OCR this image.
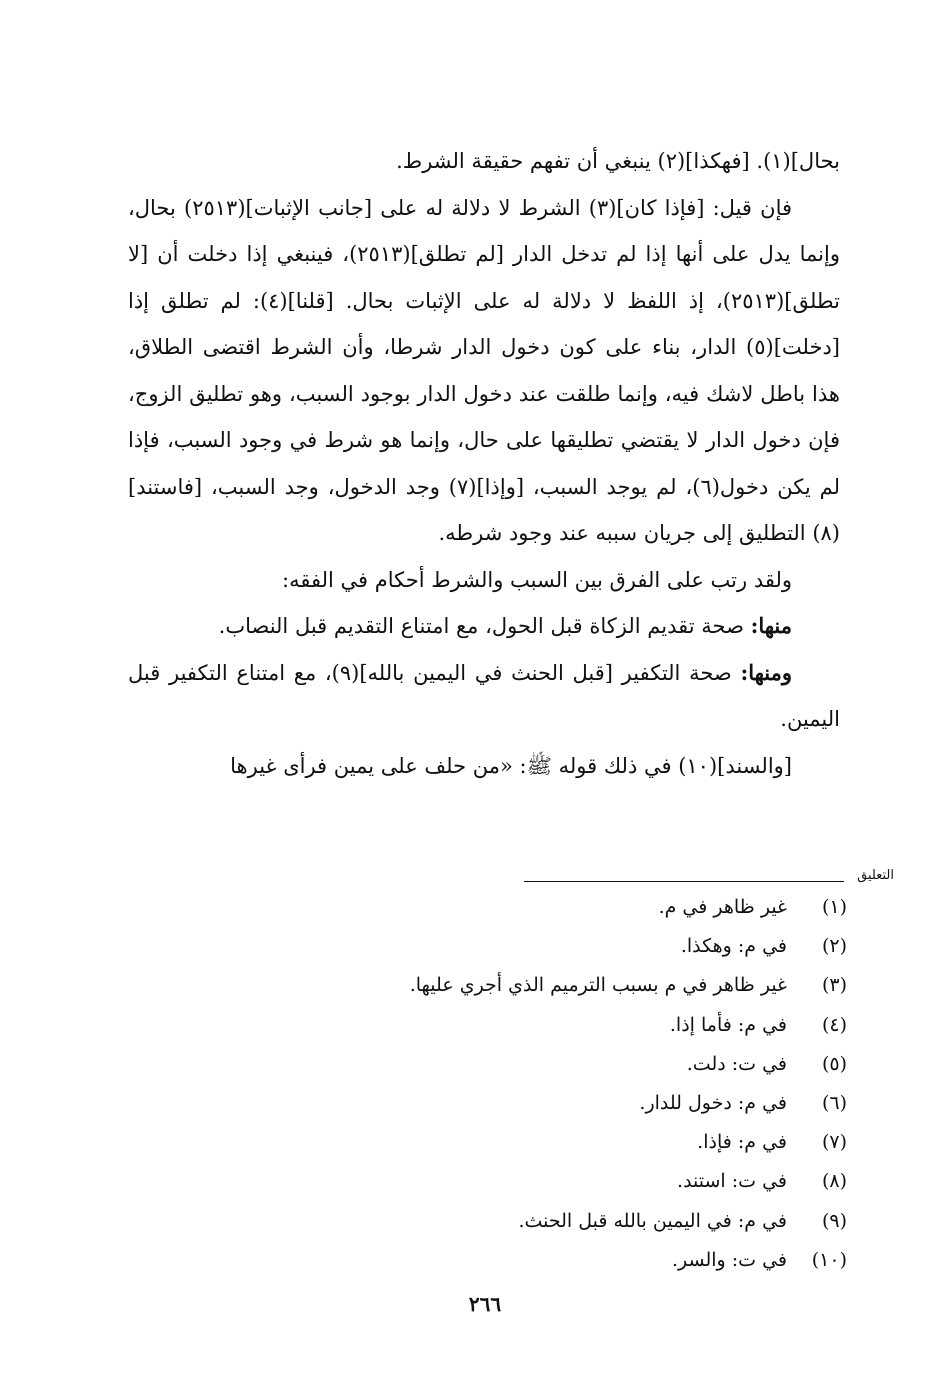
بحال](١). [فهكذا](٢) ينبغي أن تفهم حقيقة الشرط.

فإن قيل: [فإذا كان](٣) الشرط لا دلالة له على [جانب الإثبات](٢٥١٣) بحال، وإنما يدل على أنها إذا لم تدخل الدار [لم تطلق](٢٥١٣)، فينبغي إذا دخلت أن [لا تطلق](٢٥١٣)، إذ اللفظ لا دلالة له على الإثبات بحال. [قلنا](٤): لم تطلق إذا [دخلت](٥) الدار، بناء على كون دخول الدار شرطا، وأن الشرط اقتضى الطلاق، هذا باطل لاشك فيه، وإنما طلقت عند دخول الدار بوجود السبب، وهو تطليق الزوج، فإن دخول الدار لا يقتضي تطليقها على حال، وإنما هو شرط في وجود السبب، فإذا لم يكن دخول(٦)، لم يوجد السبب، [وإذا](٧) وجد الدخول، وجد السبب، [فاستند](٨) التطليق إلى جريان سببه عند وجود شرطه.

ولقد رتب على الفرق بين السبب والشرط أحكام في الفقه:

منها: صحة تقديم الزكاة قبل الحول، مع امتناع التقديم قبل النصاب.

ومنها: صحة التكفير [قبل الحنث في اليمين بالله](٩)، مع امتناع التكفير قبل اليمين.

[والسند](١٠) في ذلك قوله ﷺ: «من حلف على يمين فرأى غيرها

التعليق
(١)
غير ظاهر في م.
(٢)
في م: وهكذا.
(٣)
غير ظاهر في م بسبب الترميم الذي أجري عليها.
(٤)
في م: فأما إذا.
(٥)
في ت: دلت.
(٦)
في م: دخول للدار.
(٧)
في م: فإذا.
(٨)
في ت: استند.
(٩)
في م: في اليمين بالله قبل الحنث.
(١٠)
في ت: والسر.
٢٦٦
